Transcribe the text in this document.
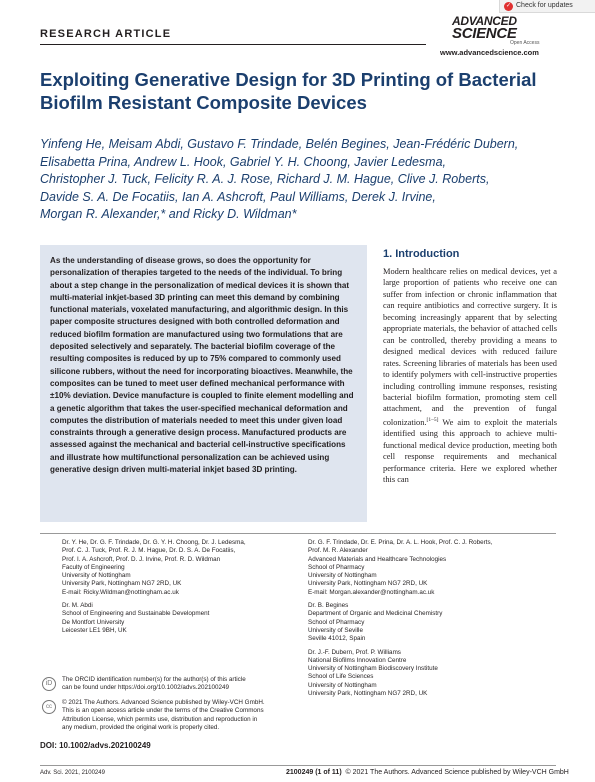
✓ Check for updates
RESEARCH ARTICLE
ADVANCED
SCIENCE
Open Access
www.advancedscience.com
Exploiting Generative Design for 3D Printing of Bacterial Biofilm Resistant Composite Devices
Yinfeng He, Meisam Abdi, Gustavo F. Trindade, Belén Begines, Jean-Frédéric Dubern,
Elisabetta Prina, Andrew L. Hook, Gabriel Y. H. Choong, Javier Ledesma,
Christopher J. Tuck, Felicity R. A. J. Rose, Richard J. M. Hague, Clive J. Roberts,
Davide S. A. De Focatiis, Ian A. Ashcroft, Paul Williams, Derek J. Irvine,
Morgan R. Alexander,* and Ricky D. Wildman*

As the understanding of disease grows, so does the opportunity for personalization of therapies targeted to the needs of the individual. To bring about a step change in the personalization of medical devices it is shown that multi-material inkjet-based 3D printing can meet this demand by combining functional materials, voxelated manufacturing, and algorithmic design. In this paper composite structures designed with both controlled deformation and reduced biofilm formation are manufactured using two formulations that are deposited selectively and separately. The bacterial biofilm coverage of the resulting composites is reduced by up to 75% compared to commonly used silicone rubbers, without the need for incorporating bioactives. Meanwhile, the composites can be tuned to meet user defined mechanical performance with ±10% deviation. Device manufacture is coupled to finite element modelling and a genetic algorithm that takes the user-specified mechanical deformation and computes the distribution of materials needed to meet this under given load constraints through a generative design process. Manufactured products are assessed against the mechanical and bacterial cell-instructive specifications and illustrate how multifunctional personalization can be achieved using generative design driven multi-material inkjet based 3D printing.

1. Introduction
Modern healthcare relies on medical devices, yet a large proportion of patients who receive one can suffer from infection or chronic inflammation that can require antibiotics and corrective surgery. It is becoming increasingly apparent that by selecting appropriate materials, the behavior of attached cells can be controlled, thereby providing a means to designed medical devices with reduced failure rates. Screening libraries of materials has been used to identify polymers with cell-instructive properties including controlling immune responses, resisting bacterial biofilm formation, promoting stem cell attachment, and the prevention of fungal colonization.[1–5] We aim to exploit the materials identified using this approach to achieve multi-functional medical device production, meeting both cell response requirements and mechanical performance criteria. Here we explored whether this can
Dr. Y. He, Dr. G. F. Trindade, Dr. G. Y. H. Choong, Dr. J. Ledesma,
Prof. C. J. Tuck, Prof. R. J. M. Hague, Dr. D. S. A. De Focatiis,
Prof. I. A. Ashcroft, Prof. D. J. Irvine, Prof. R. D. Wildman
Faculty of Engineering
University of Nottingham
University Park, Nottingham NG7 2RD, UK
E-mail: Ricky.Wildman@nottingham.ac.uk
Dr. M. Abdi
School of Engineering and Sustainable Development
De Montfort University
Leicester LE1 9BH, UK
Dr. G. F. Trindade, Dr. E. Prina, Dr. A. L. Hook, Prof. C. J. Roberts,
Prof. M. R. Alexander
Advanced Materials and Healthcare Technologies
School of Pharmacy
University of Nottingham
University Park, Nottingham NG7 2RD, UK
E-mail: Morgan.alexander@nottingham.ac.uk
Dr. B. Begines
Department of Organic and Medicinal Chemistry
School of Pharmacy
University of Seville
Seville 41012, Spain
Dr. J.-F. Dubern, Prof. P. Williams
National Biofilms Innovation Centre
University of Nottingham Biodiscovery Institute
School of Life Sciences
University of Nottingham
University Park, Nottingham NG7 2RD, UK
iD
The ORCID identification number(s) for the author(s) of this article
can be found under https://doi.org/10.1002/advs.202100249
cc
© 2021 The Authors. Advanced Science published by Wiley-VCH GmbH.
This is an open access article under the terms of the Creative Commons
Attribution License, which permits use, distribution and reproduction in
any medium, provided the original work is properly cited.
DOI: 10.1002/advs.202100249
Adv. Sci. 2021, 2100249	2100249 (1 of 11) © 2021 The Authors. Advanced Science published by Wiley-VCH GmbH
